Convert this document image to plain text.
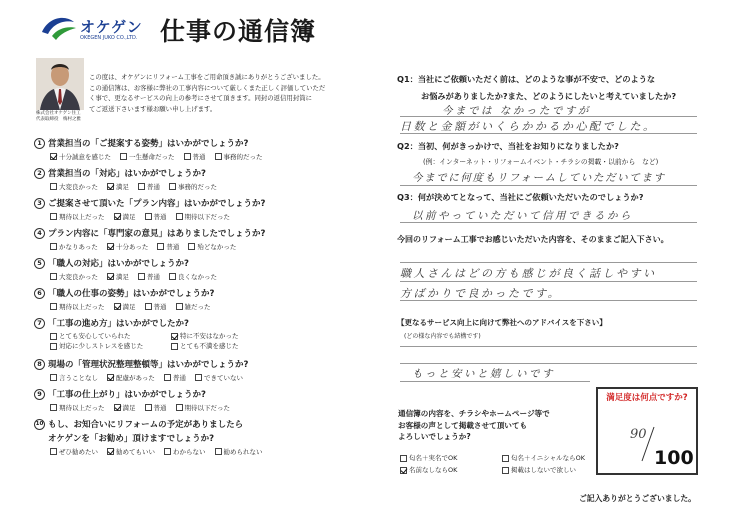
オケゲン
OKEGEN JUKO CO.,LTD. 仕事の通信簿
株式会社オケゲン住工
代表取締役　梅村之雅
この度は、オケゲンにリフォーム工事をご用命頂き誠にありがとうございました。
この通信簿は、お客様に弊社の工事内容について厳しくまた正しく評価していただ
く事で、更なるサービスの向上の参考にさせて頂きます。同封の返信用封筒に
てご返送下さいます様お願い申し上げます。
1 営業担当の「ご提案する姿勢」はいかがでしょうか?
十分誠意を感じた	一生懸命だった	普通	事務的だった
2 営業担当の「対応」はいかがでしょうか?
大変良かった	満足	普通	事務的だった
3 ご提案させて頂いた「プラン内容」はいかがでしょうか?
期待以上だった	満足	普通	期待以下だった
4 プラン内容に「専門家の意見」はありましたでしょうか?
かなりあった	十分あった	普通	殆どなかった
5 「職人の対応」はいかがでしょうか?
大変良かった	満足	普通	良くなかった
6 「職人の仕事の姿勢」はいかがでしょうか?
期待以上だった	満足	普通	雑だった
7 「工事の進め方」はいかがでしたか?
とても安心していられた	特に不安はなかった
対応に少しストレスを感じた	とても不満を感じた
8 現場の「管理状況整理整頓等」はいかがでしょうか?
言うことなし	配慮があった	普通	できていない
9 「工事の仕上がり」はいかがでしょうか?
期待以上だった	満足	普通	期待以下だった
10 もし、お知合いにリフォームの予定がありましたら
オケゲンを「お勧め」頂けますでしょうか?
ぜひ勧めたい	勧めてもいい	わからない	勧められない
Q1：当社にご依頼いただく前は、どのような事が不安で、どのような
お悩みがありましたか?また、どのようにしたいと考えていましたか?
今までは なかったですが
日数と金額がいくらかかるか心配でした。
Q2：当初、何がきっかけで、当社をお知りになりましたか?
(例：インターネット・リフォームイベント・チラシの掲載・以前から　など)
今までに何度もリフォームしていただいてます
Q3：何が決めてとなって、当社にご依頼いただいたのでしょうか?
以前やっていただいて信用できるから
今回のリフォーム工事でお感じいただいた内容を、そのままご記入下さい。
職人さんはどの方も感じが良く話しやすい
方ばかりで良かったです。
【更なるサービス向上に向けて弊社へのアドバイスを下さい】
(どの様な内容でも結構です)
もっと安いと嬉しいです
通信簿の内容を、チラシやホームページ等で
お客様の声として掲載させて頂いても
よろしいでしょうか?
匂名＋実名でOK	匂名＋イニシャルならOK
名前なしならOK	掲載はしないで欲しい
満足度は何点ですか?
90
100
ご記入ありがとうございました。
